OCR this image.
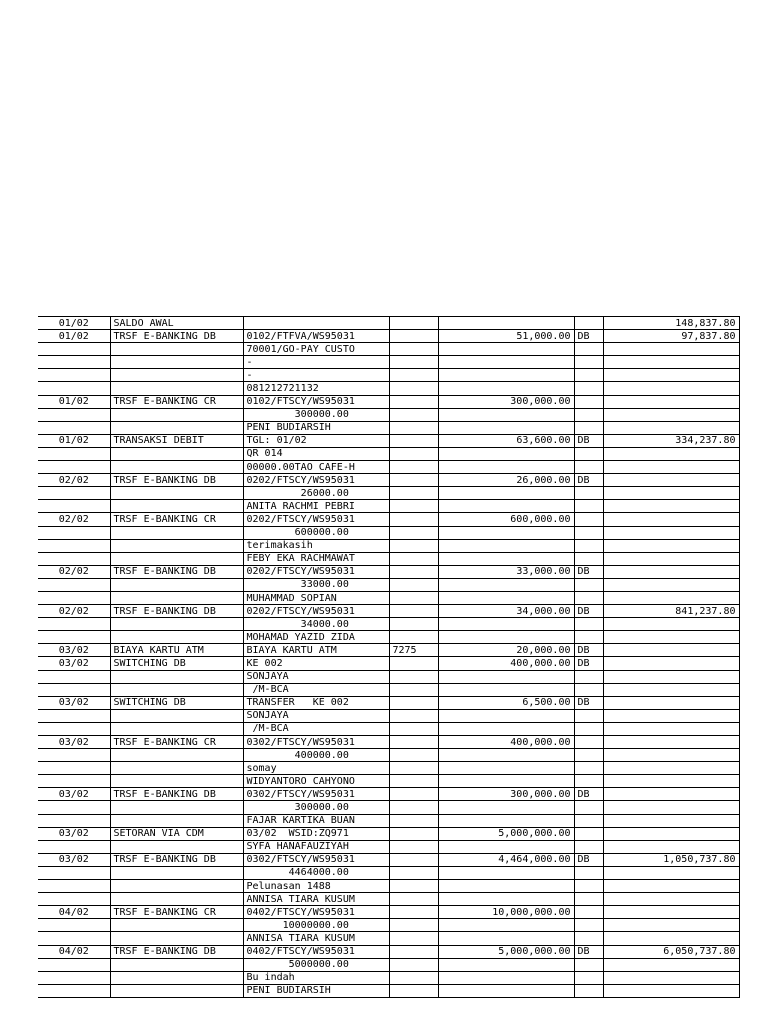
01/02	SALDO AWAL					148,837.80
01/02	TRSF E-BANKING DB	0102/FTFVA/WS95031		51,000.00	DB	97,837.80
		70001/GO-PAY CUSTO				
		-				
		-				
		081212721132				
01/02	TRSF E-BANKING CR	0102/FTSCY/WS95031		300,000.00		
		300000.00				
		PENI BUDIARSIH				
01/02	TRANSAKSI DEBIT	TGL: 01/02		63,600.00	DB	334,237.80
		QR 014				
		00000.00TAO CAFE-H				
02/02	TRSF E-BANKING DB	0202/FTSCY/WS95031		26,000.00	DB	
		26000.00				
		ANITA RACHMI PEBRI				
02/02	TRSF E-BANKING CR	0202/FTSCY/WS95031		600,000.00		
		600000.00				
		terimakasih				
		FEBY EKA RACHMAWAT				
02/02	TRSF E-BANKING DB	0202/FTSCY/WS95031		33,000.00	DB	
		33000.00				
		MUHAMMAD SOPIAN				
02/02	TRSF E-BANKING DB	0202/FTSCY/WS95031		34,000.00	DB	841,237.80
		34000.00				
		MOHAMAD YAZID ZIDA				
03/02	BIAYA KARTU ATM	BIAYA KARTU ATM	7275	20,000.00	DB	
03/02	SWITCHING DB	KE 002		400,000.00	DB	
		SONJAYA				
		/M-BCA				
03/02	SWITCHING DB	TRANSFER   KE 002		6,500.00	DB	
		SONJAYA				
		/M-BCA				
03/02	TRSF E-BANKING CR	0302/FTSCY/WS95031		400,000.00		
		400000.00				
		somay				
		WIDYANTORO CAHYONO				
03/02	TRSF E-BANKING DB	0302/FTSCY/WS95031		300,000.00	DB	
		300000.00				
		FAJAR KARTIKA BUAN				
03/02	SETORAN VIA CDM	03/02  WSID:ZQ971		5,000,000.00		
		SYFA HANAFAUZIYAH				
03/02	TRSF E-BANKING DB	0302/FTSCY/WS95031		4,464,000.00	DB	1,050,737.80
		4464000.00				
		Pelunasan 1488				
		ANNISA TIARA KUSUM				
04/02	TRSF E-BANKING CR	0402/FTSCY/WS95031		10,000,000.00		
		10000000.00				
		ANNISA TIARA KUSUM				
04/02	TRSF E-BANKING DB	0402/FTSCY/WS95031		5,000,000.00	DB	6,050,737.80
		5000000.00				
		Bu indah				
		PENI BUDIARSIH				
